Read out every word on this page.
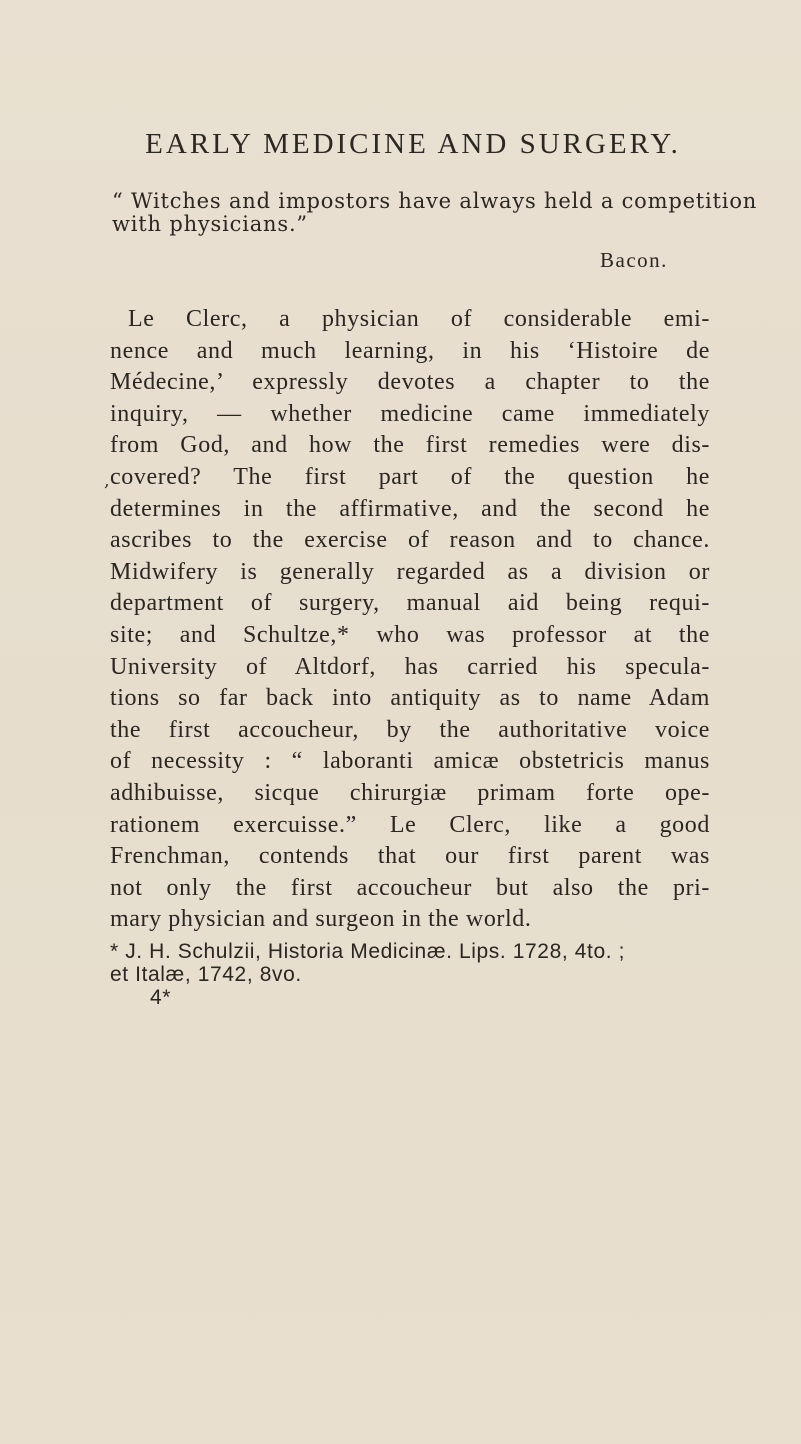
EARLY MEDICINE AND SURGERY.
“ Witches and impostors have always held a competition
with physicians.”
Bacon.
,
Le Clerc, a physician of considerable emi-
nence and much learning, in his ‘Histoire de
Médecine,’ expressly devotes a chapter to the
inquiry, — whether medicine came immediately
from God, and how the first remedies were dis-
covered? The first part of the question he
determines in the affirmative, and the second he
ascribes to the exercise of reason and to chance.
Midwifery is generally regarded as a division or
department of surgery, manual aid being requi-
site; and Schultze,* who was professor at the
University of Altdorf, has carried his specula-
tions so far back into antiquity as to name Adam
the first accoucheur, by the authoritative voice
of necessity : “ laboranti amicæ obstetricis manus
adhibuisse, sicque chirurgiæ primam forte ope-
rationem exercuisse.” Le Clerc, like a good
Frenchman, contends that our first parent was
not only the first accoucheur but also the pri-
mary physician and surgeon in the world.
* J. H. Schulzii, Historia Medicinæ. Lips. 1728, 4to. ;
et Italæ, 1742, 8vo.
4*
